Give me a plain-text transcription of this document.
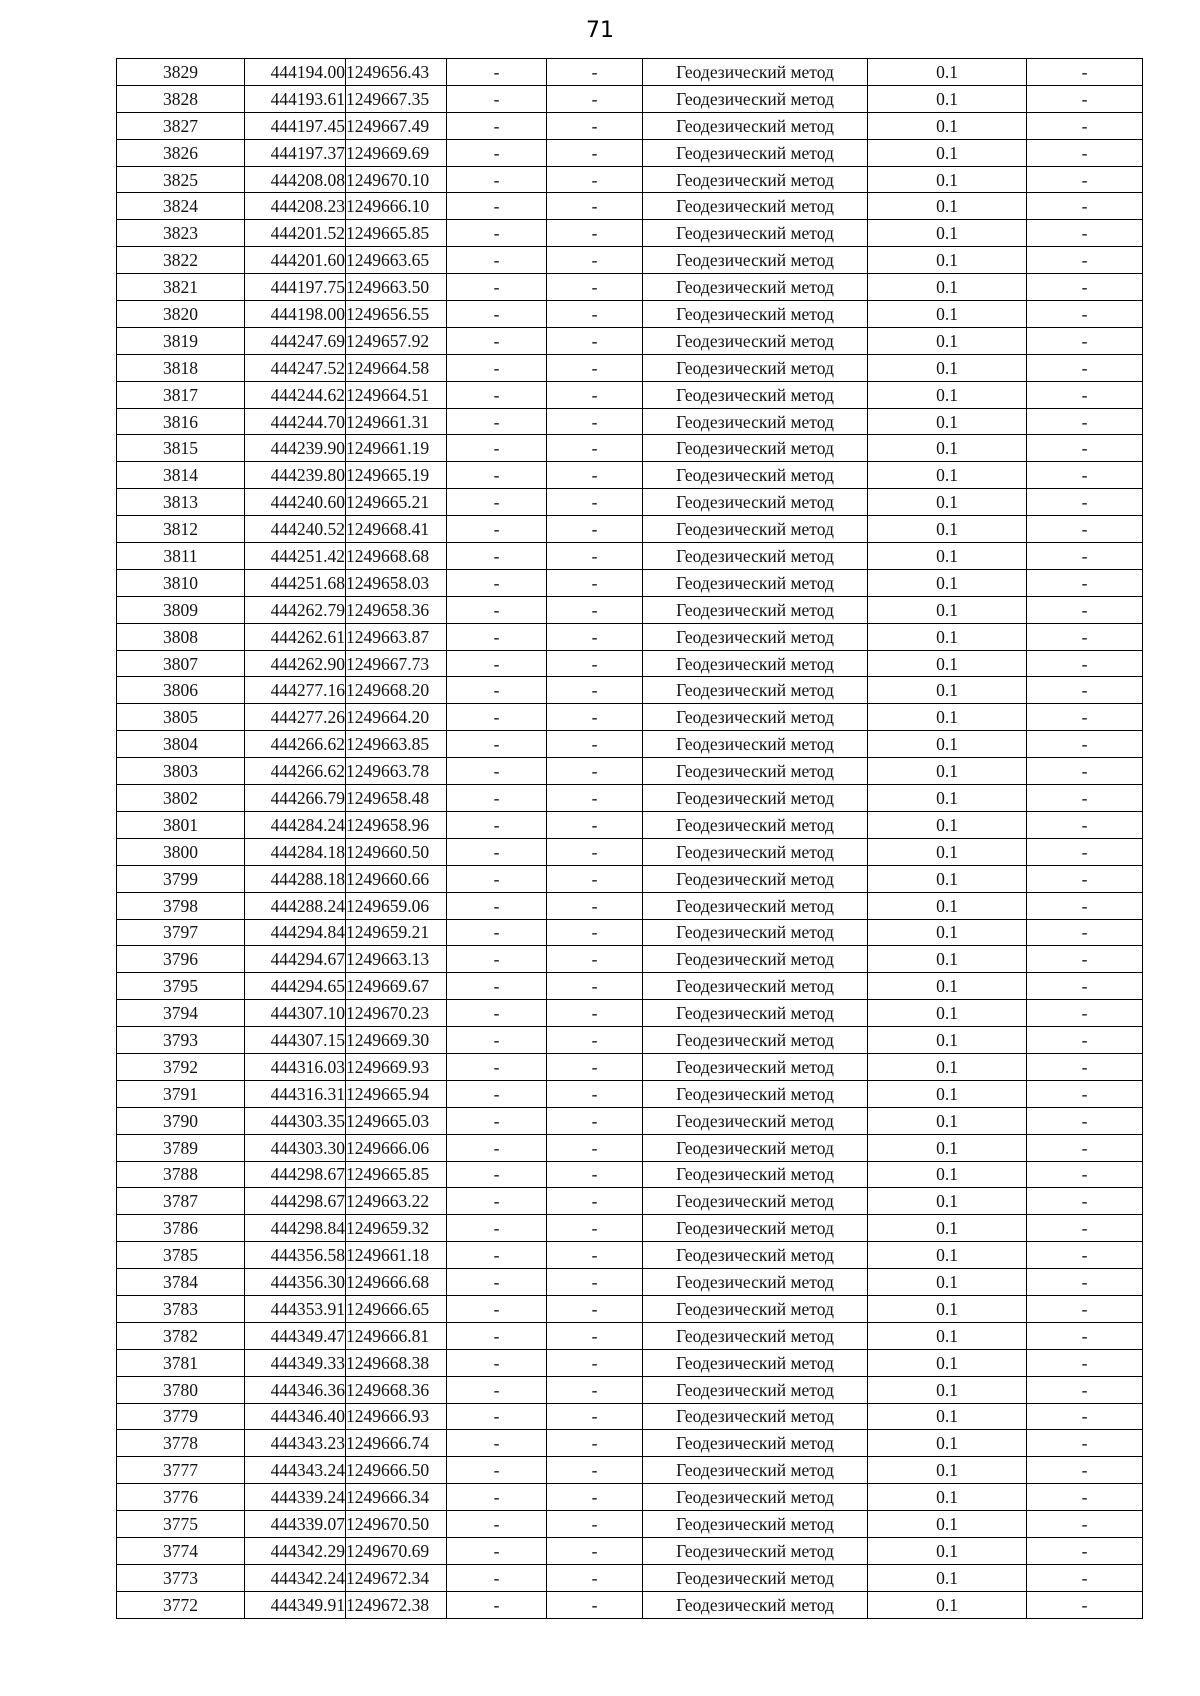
71
3829	444194.00	1249656.43	-	-	Геодезический метод	0.1	-
3828	444193.61	1249667.35	-	-	Геодезический метод	0.1	-
3827	444197.45	1249667.49	-	-	Геодезический метод	0.1	-
3826	444197.37	1249669.69	-	-	Геодезический метод	0.1	-
3825	444208.08	1249670.10	-	-	Геодезический метод	0.1	-
3824	444208.23	1249666.10	-	-	Геодезический метод	0.1	-
3823	444201.52	1249665.85	-	-	Геодезический метод	0.1	-
3822	444201.60	1249663.65	-	-	Геодезический метод	0.1	-
3821	444197.75	1249663.50	-	-	Геодезический метод	0.1	-
3820	444198.00	1249656.55	-	-	Геодезический метод	0.1	-
3819	444247.69	1249657.92	-	-	Геодезический метод	0.1	-
3818	444247.52	1249664.58	-	-	Геодезический метод	0.1	-
3817	444244.62	1249664.51	-	-	Геодезический метод	0.1	-
3816	444244.70	1249661.31	-	-	Геодезический метод	0.1	-
3815	444239.90	1249661.19	-	-	Геодезический метод	0.1	-
3814	444239.80	1249665.19	-	-	Геодезический метод	0.1	-
3813	444240.60	1249665.21	-	-	Геодезический метод	0.1	-
3812	444240.52	1249668.41	-	-	Геодезический метод	0.1	-
3811	444251.42	1249668.68	-	-	Геодезический метод	0.1	-
3810	444251.68	1249658.03	-	-	Геодезический метод	0.1	-
3809	444262.79	1249658.36	-	-	Геодезический метод	0.1	-
3808	444262.61	1249663.87	-	-	Геодезический метод	0.1	-
3807	444262.90	1249667.73	-	-	Геодезический метод	0.1	-
3806	444277.16	1249668.20	-	-	Геодезический метод	0.1	-
3805	444277.26	1249664.20	-	-	Геодезический метод	0.1	-
3804	444266.62	1249663.85	-	-	Геодезический метод	0.1	-
3803	444266.62	1249663.78	-	-	Геодезический метод	0.1	-
3802	444266.79	1249658.48	-	-	Геодезический метод	0.1	-
3801	444284.24	1249658.96	-	-	Геодезический метод	0.1	-
3800	444284.18	1249660.50	-	-	Геодезический метод	0.1	-
3799	444288.18	1249660.66	-	-	Геодезический метод	0.1	-
3798	444288.24	1249659.06	-	-	Геодезический метод	0.1	-
3797	444294.84	1249659.21	-	-	Геодезический метод	0.1	-
3796	444294.67	1249663.13	-	-	Геодезический метод	0.1	-
3795	444294.65	1249669.67	-	-	Геодезический метод	0.1	-
3794	444307.10	1249670.23	-	-	Геодезический метод	0.1	-
3793	444307.15	1249669.30	-	-	Геодезический метод	0.1	-
3792	444316.03	1249669.93	-	-	Геодезический метод	0.1	-
3791	444316.31	1249665.94	-	-	Геодезический метод	0.1	-
3790	444303.35	1249665.03	-	-	Геодезический метод	0.1	-
3789	444303.30	1249666.06	-	-	Геодезический метод	0.1	-
3788	444298.67	1249665.85	-	-	Геодезический метод	0.1	-
3787	444298.67	1249663.22	-	-	Геодезический метод	0.1	-
3786	444298.84	1249659.32	-	-	Геодезический метод	0.1	-
3785	444356.58	1249661.18	-	-	Геодезический метод	0.1	-
3784	444356.30	1249666.68	-	-	Геодезический метод	0.1	-
3783	444353.91	1249666.65	-	-	Геодезический метод	0.1	-
3782	444349.47	1249666.81	-	-	Геодезический метод	0.1	-
3781	444349.33	1249668.38	-	-	Геодезический метод	0.1	-
3780	444346.36	1249668.36	-	-	Геодезический метод	0.1	-
3779	444346.40	1249666.93	-	-	Геодезический метод	0.1	-
3778	444343.23	1249666.74	-	-	Геодезический метод	0.1	-
3777	444343.24	1249666.50	-	-	Геодезический метод	0.1	-
3776	444339.24	1249666.34	-	-	Геодезический метод	0.1	-
3775	444339.07	1249670.50	-	-	Геодезический метод	0.1	-
3774	444342.29	1249670.69	-	-	Геодезический метод	0.1	-
3773	444342.24	1249672.34	-	-	Геодезический метод	0.1	-
3772	444349.91	1249672.38	-	-	Геодезический метод	0.1	-
